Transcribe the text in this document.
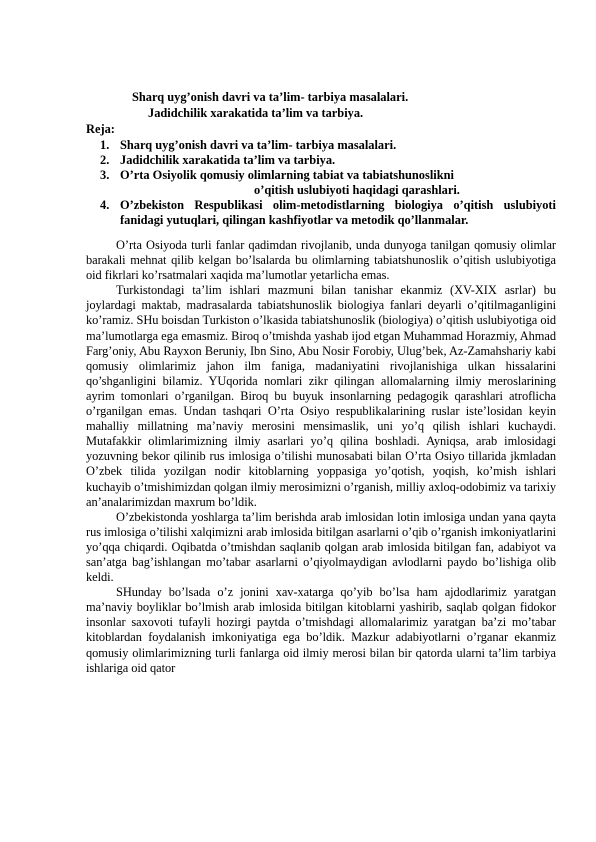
Sharq uyg’onish davri va ta’lim- tarbiya masalalari.
Jadidchilik xarakatida ta’lim va tarbiya.
Reja:
1. Sharq uyg’onish davri va ta’lim- tarbiya masalalari.
2. Jadidchilik xarakatida ta’lim va tarbiya.
3. O’rta Osiyolik qomusiy olimlarning tabiat va tabiatshunoslikni
o’qitish uslubiyoti haqidagi qarashlari.
4. O’zbekiston Respublikasi olim-metodistlarning biologiya o’qitish uslubiyoti fanidagi yutuqlari, qilingan kashfiyotlar va metodik qo’llanmalar.

O’rta Osiyoda turli fanlar qadimdan rivojlanib, unda dunyoga tanilgan qomusiy olimlar barakali mehnat qilib kelgan bo’lsalarda bu olimlarning tabiatshunoslik o’qitish uslubiyotiga oid fikrlari ko’rsatmalari xaqida ma’lumotlar yetarlicha emas.

Turkistondagi ta’lim ishlari mazmuni bilan tanishar ekanmiz (XV-XIX asrlar) bu joylardagi maktab, madrasalarda tabiatshunoslik biologiya fanlari deyarli o’qitilmaganligini ko’ramiz. SHu boisdan Turkiston o’lkasida tabiatshunoslik (biologiya) o’qitish uslubiyotiga oid ma’lumotlarga ega emasmiz. Biroq o’tmishda yashab ijod etgan Muhammad Horazmiy, Ahmad Farg’oniy, Abu Rayxon Beruniy, Ibn Sino, Abu Nosir Forobiy, Ulug’bek, Az-Zamahshariy kabi qomusiy olimlarimiz jahon ilm faniga, madaniyatini rivojlanishiga ulkan hissalarini qo’shganligini bilamiz. YUqorida nomlari zikr qilingan allomalarning ilmiy meroslarining ayrim tomonlari o’rganilgan. Biroq bu buyuk insonlarning pedagogik qarashlari atroflicha o’rganilgan emas. Undan tashqari O’rta Osiyo respublikalarining ruslar iste’losidan keyin mahalliy millatning ma’naviy merosini mensimaslik, uni yo’q qilish ishlari kuchaydi. Mutafakkir olimlarimizning ilmiy asarlari yo’q qilina boshladi. Ayniqsa, arab imlosidagi yozuvning bekor qilinib rus imlosiga o’tilishi munosabati bilan O’rta Osiyo tillarida jkmladan O’zbek tilida yozilgan nodir kitoblarning yoppasiga yo’qotish, yoqish, ko’mish ishlari kuchayib o’tmishimizdan qolgan ilmiy merosimizni o’rganish, milliy axloq-odobimiz va tarixiy an’analarimizdan maxrum bo’ldik.

O’zbekistonda yoshlarga ta’lim berishda arab imlosidan lotin imlosiga undan yana qayta rus imlosiga o’tilishi xalqimizni arab imlosida bitilgan asarlarni o’qib o’rganish imkoniyatlarini yo’qqa chiqardi. Oqibatda o’tmishdan saqlanib qolgan arab imlosida bitilgan fan, adabiyot va san’atga bag’ishlangan mo’tabar asarlarni o’qiyolmaydigan avlodlarni paydo bo’lishiga olib keldi.

SHunday bo’lsada o’z jonini xav-xatarga qo’yib bo’lsa ham ajdodlarimiz yaratgan ma’naviy boyliklar bo’lmish arab imlosida bitilgan kitoblarni yashirib, saqlab qolgan fidokor insonlar saxovoti tufayli hozirgi paytda o’tmishdagi allomalarimiz yaratgan ba’zi mo’tabar kitoblardan foydalanish imkoniyatiga ega bo’ldik. Mazkur adabiyotlarni o’rganar ekanmiz qomusiy olimlarimizning turli fanlarga oid ilmiy merosi bilan bir qatorda ularni ta’lim tarbiya ishlariga oid qator
